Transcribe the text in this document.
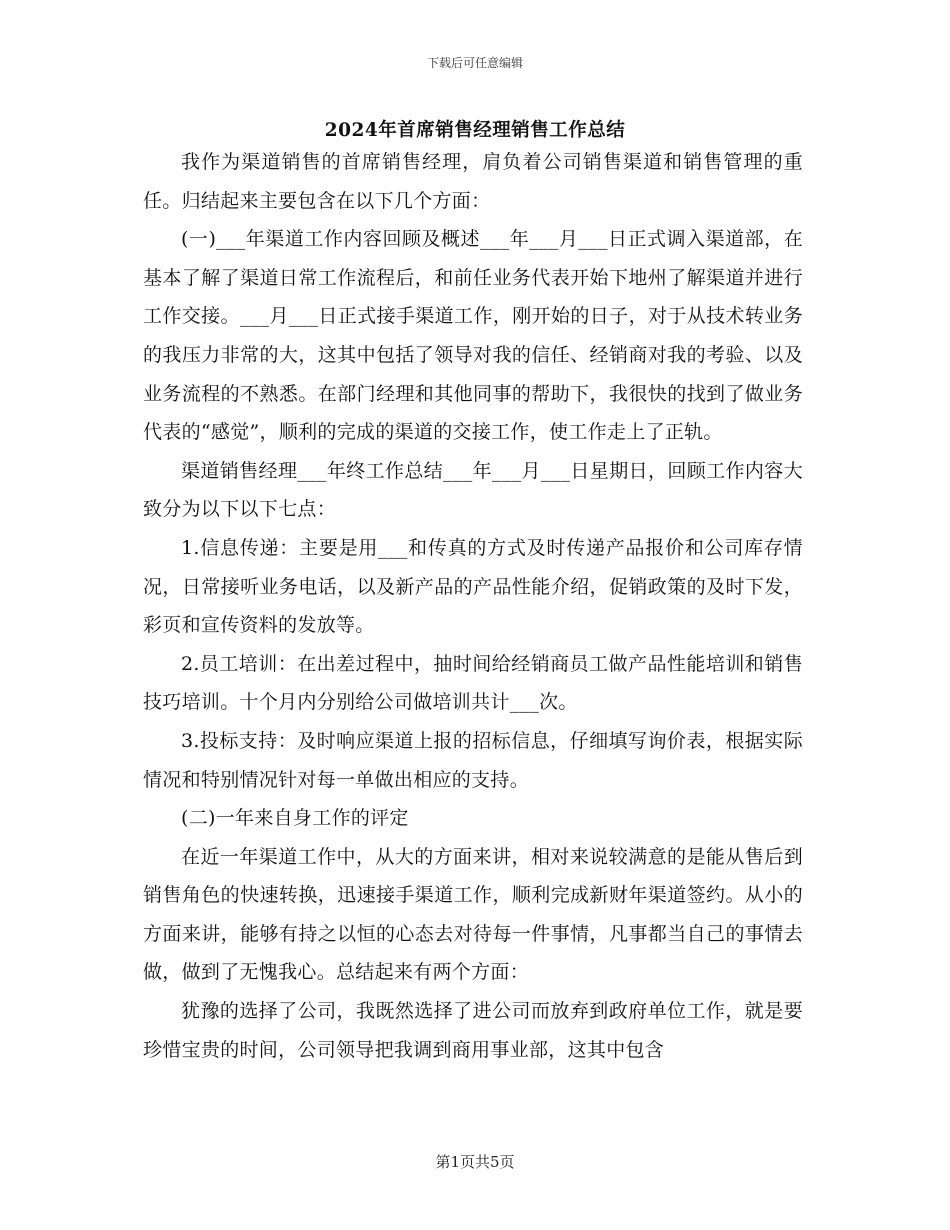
下载后可任意编辑
2024年首席销售经理销售工作总结

我作为渠道销售的首席销售经理，肩负着公司销售渠道和销售管理的重任。归结起来主要包含在以下几个方面：

(一)___年渠道工作内容回顾及概述___年___月___日正式调入渠道部，在基本了解了渠道日常工作流程后，和前任业务代表开始下地州了解渠道并进行工作交接。___月___日正式接手渠道工作，刚开始的日子，对于从技术转业务的我压力非常的大，这其中包括了领导对我的信任、经销商对我的考验、以及业务流程的不熟悉。在部门经理和其他同事的帮助下，我很快的找到了做业务代表的“感觉”，顺利的完成的渠道的交接工作，使工作走上了正轨。

渠道销售经理___年终工作总结___年___月___日星期日，回顾工作内容大致分为以下以下七点：

1.信息传递：主要是用___和传真的方式及时传递产品报价和公司库存情况，日常接听业务电话，以及新产品的产品性能介绍，促销政策的及时下发，彩页和宣传资料的发放等。

2.员工培训：在出差过程中，抽时间给经销商员工做产品性能培训和销售技巧培训。十个月内分别给公司做培训共计___次。

3.投标支持：及时响应渠道上报的招标信息，仔细填写询价表，根据实际情况和特别情况针对每一单做出相应的支持。

(二)一年来自身工作的评定

在近一年渠道工作中，从大的方面来讲，相对来说较满意的是能从售后到销售角色的快速转换，迅速接手渠道工作，顺利完成新财年渠道签约。从小的方面来讲，能够有持之以恒的心态去对待每一件事情，凡事都当自己的事情去做，做到了无愧我心。总结起来有两个方面：

犹豫的选择了公司，我既然选择了进公司而放弃到政府单位工作，就是要珍惜宝贵的时间，公司领导把我调到商用事业部，这其中包含

第1页共5页
